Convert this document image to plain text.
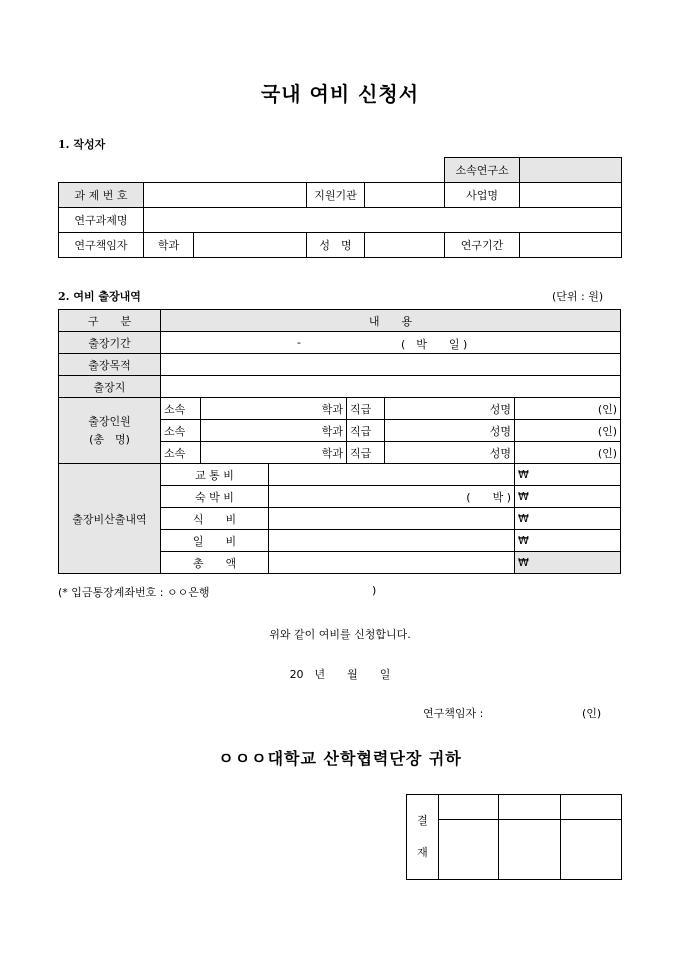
국내 여비 신청서
1. 작성자
					소속연구소	
과 제 번 호			지원기관		사업명	
연구과제명						
연구책임자	학과		성　명		연구기간	
2. 여비 출장내역	(단위 : 원)
구　　분	내　　용					
출장기간	- (　박　　일 )					

출장목적						
출장지						

출장인원
(총　명)	소속	학과		직급	성명	(인)
	소속	학과		직급	성명	(인)
	소속	학과		직급	성명	(인)
출장비산출내역	교 통 비					₩
	숙 박 비		(　　박 )			₩
	식　　비					₩
	일　　비					₩
	총　　액					₩
(* 입금통장계좌번호 : ㅇㅇ은행	)
위와 같이 여비를 신청합니다.
20　년　　월　　일
연구책임자 :	(인)
ㅇㅇㅇ대학교 산학협력단장 귀하
결
재			
